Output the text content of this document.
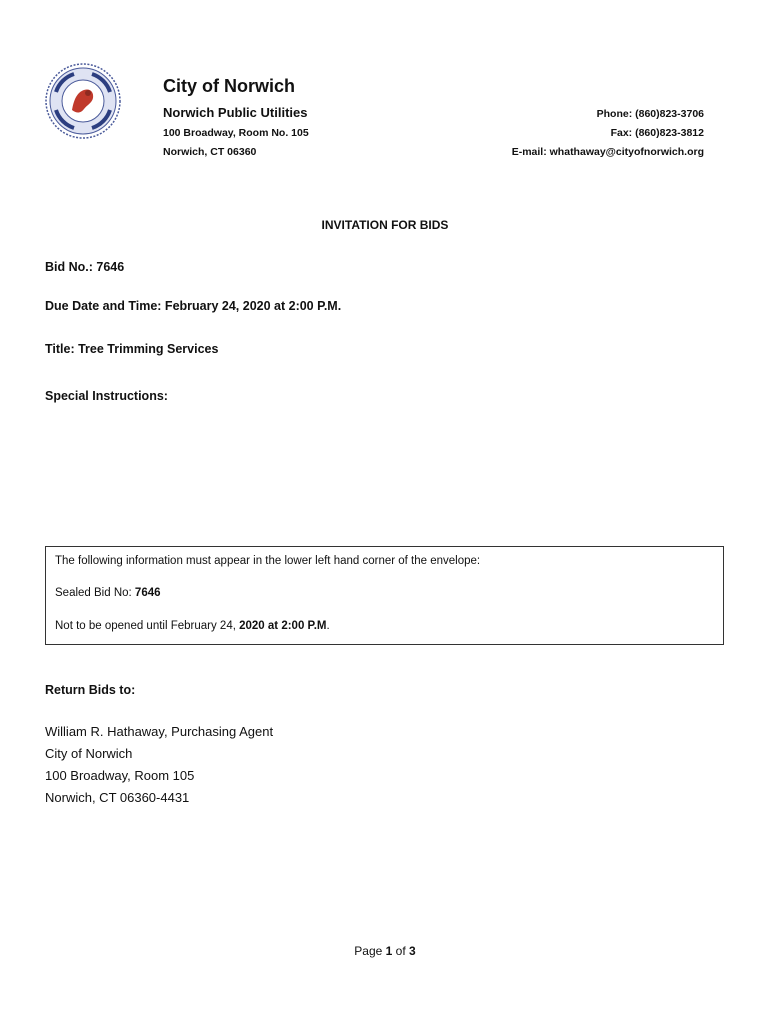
City of Norwich
Norwich Public Utilities
100 Broadway, Room No. 105
Norwich, CT 06360
Phone: (860)823-3706
Fax: (860)823-3812
E-mail: whathaway@cityofnorwich.org
INVITATION FOR BIDS
Bid No.: 7646
Due Date and Time: February 24, 2020 at 2:00 P.M.
Title: Tree Trimming Services
Special Instructions:
The following information must appear in the lower left hand corner of the envelope:
Sealed Bid No: 7646
Not to be opened until February 24, 2020 at 2:00 P.M.
Return Bids to:
William R. Hathaway, Purchasing Agent
City of Norwich
100 Broadway, Room 105
Norwich, CT 06360-4431
Page 1 of 3
